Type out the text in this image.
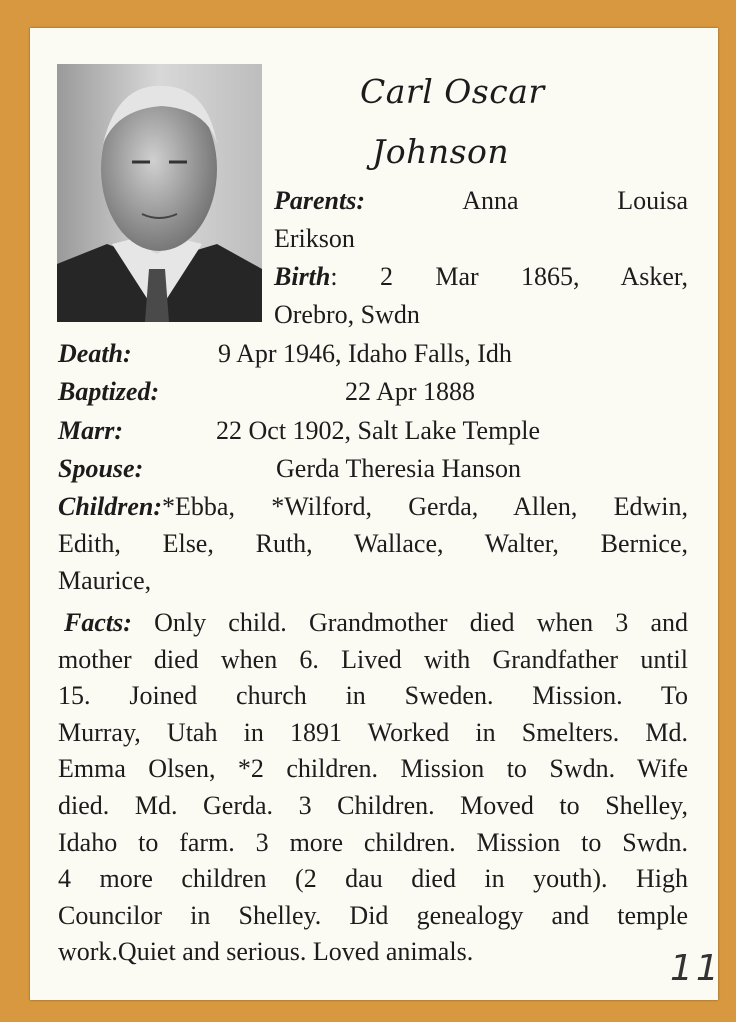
Carl Oscar
Johnson
Parents:	Anna Louisa
Erikson
Birth: 2 Mar 1865, Asker,
Orebro, Swdn
Death:	9 Apr 1946, Idaho Falls, Idh
Baptized:	22 Apr 1888
Marr:	22 Oct 1902, Salt Lake Temple
Spouse:	Gerda Theresia Hanson
Children:*Ebba, *Wilford, Gerda, Allen, Edwin,
Edith, Else, Ruth, Wallace, Walter, Bernice,
Maurice,
Facts: Only child. Grandmother died when 3 and
mother died when 6. Lived with Grandfather until
15. Joined church in Sweden. Mission. To
Murray, Utah in 1891 Worked in Smelters. Md.
Emma Olsen, *2 children. Mission to Swdn. Wife
died. Md. Gerda. 3 Children. Moved to Shelley,
Idaho to farm. 3 more children. Mission to Swdn.
4 more children (2 dau died in youth). High
Councilor in Shelley. Did genealogy and temple
work.Quiet and serious. Loved animals.	11
